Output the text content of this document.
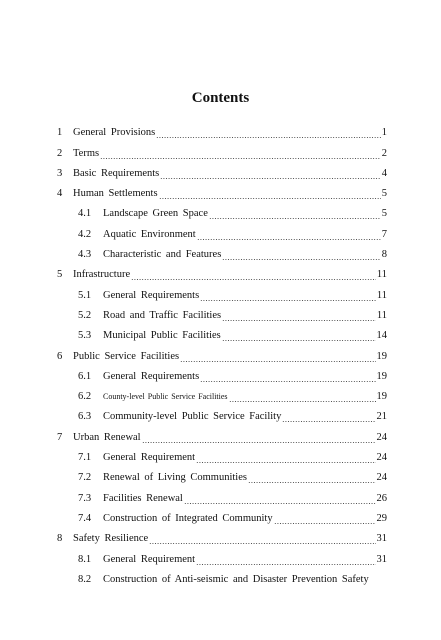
Contents
1	General Provisions	1
2	Terms	2
3	Basic Requirements	4
4	Human Settlements	5
4.1	Landscape Green Space	5
4.2	Aquatic Environment	7
4.3	Characteristic and Features	8
5	Infrastructure	11
5.1	General Requirements	11
5.2	Road and Traffic Facilities	11
5.3	Municipal Public Facilities	14
6	Public Service Facilities	19
6.1	General Requirements	19
6.2	County-level Public Service Facilities	19
6.3	Community-level Public Service Facility	21
7	Urban Renewal	24
7.1	General Requirement	24
7.2	Renewal of Living Communities	24
7.3	Facilities Renewal	26
7.4	Construction of Integrated Community	29
8	Safety Resilience	31
8.1	General Requirement	31
8.2	Construction of Anti-seismic and Disaster Prevention Safety
